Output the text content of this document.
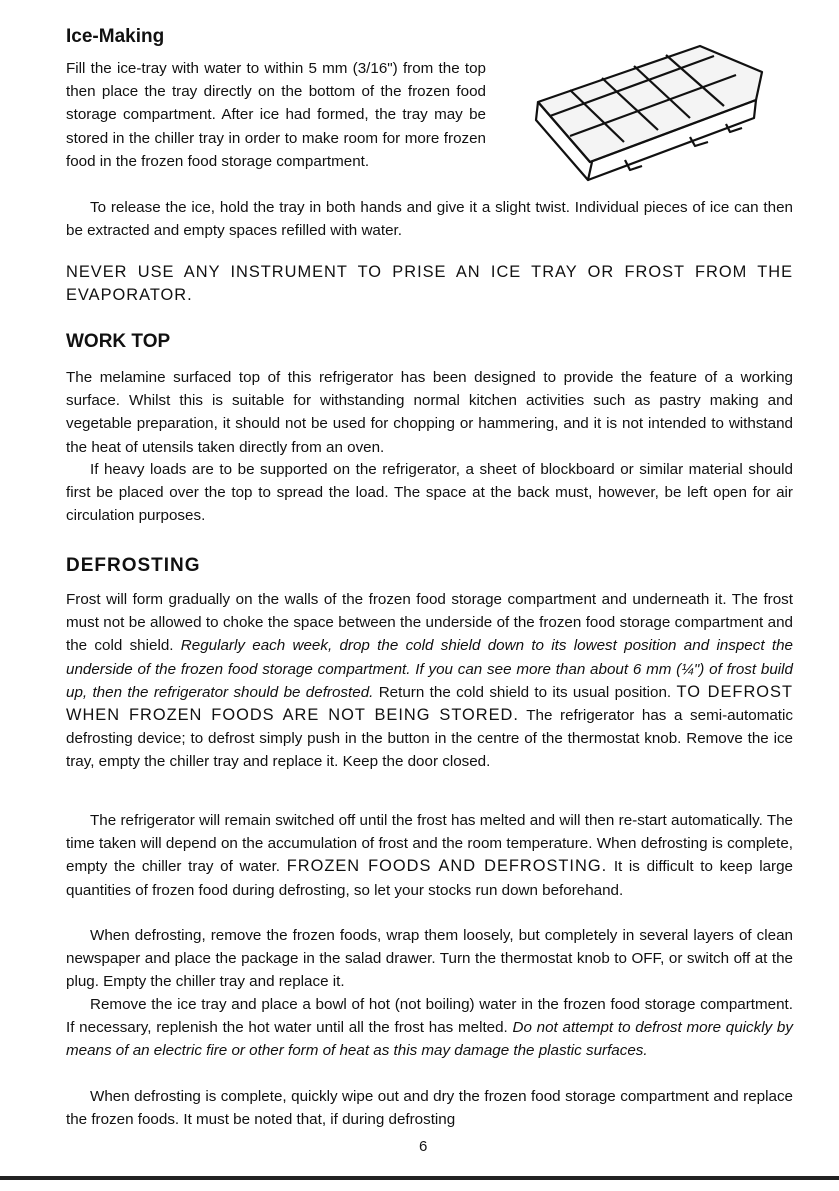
Ice-Making

Fill the ice-tray with water to within 5 mm (3/16") from the top then place the tray directly on the bottom of the frozen food storage compartment. After ice had formed, the tray may be stored in the chiller tray in order to make room for more frozen food in the frozen food storage compartment.

To release the ice, hold the tray in both hands and give it a slight twist. Individual pieces of ice can then be extracted and empty spaces refilled with water.

NEVER USE ANY INSTRUMENT TO PRISE AN ICE TRAY OR FROST FROM THE EVAPORATOR.

WORK TOP

The melamine surfaced top of this refrigerator has been designed to provide the feature of a working surface. Whilst this is suitable for withstanding normal kitchen activities such as pastry making and vegetable preparation, it should not be used for chopping or hammering, and it is not intended to withstand the heat of utensils taken directly from an oven.

If heavy loads are to be supported on the refrigerator, a sheet of blockboard or similar material should first be placed over the top to spread the load. The space at the back must, however, be left open for air circulation purposes.

DEFROSTING

Frost will form gradually on the walls of the frozen food storage compartment and underneath it. The frost must not be allowed to choke the space between the underside of the frozen food storage compartment and the cold shield. Regularly each week, drop the cold shield down to its lowest position and inspect the underside of the frozen food storage compartment. If you can see more than about 6 mm (¼") of frost build up, then the refrigerator should be defrosted. Return the cold shield to its usual position. TO DEFROST WHEN FROZEN FOODS ARE NOT BEING STORED. The refrigerator has a semi-automatic defrosting device; to defrost simply push in the button in the centre of the thermostat knob. Remove the ice tray, empty the chiller tray and replace it. Keep the door closed.

The refrigerator will remain switched off until the frost has melted and will then re-start automatically. The time taken will depend on the accumulation of frost and the room temperature. When defrosting is complete, empty the chiller tray of water. FROZEN FOODS AND DEFROSTING. It is difficult to keep large quantities of frozen food during defrosting, so let your stocks run down beforehand.

When defrosting, remove the frozen foods, wrap them loosely, but completely in several layers of clean newspaper and place the package in the salad drawer. Turn the thermostat knob to OFF, or switch off at the plug. Empty the chiller tray and replace it.

Remove the ice tray and place a bowl of hot (not boiling) water in the frozen food storage compartment. If necessary, replenish the hot water until all the frost has melted. Do not attempt to defrost more quickly by means of an electric fire or other form of heat as this may damage the plastic surfaces.

When defrosting is complete, quickly wipe out and dry the frozen food storage compartment and replace the frozen foods. It must be noted that, if during defrosting

6
